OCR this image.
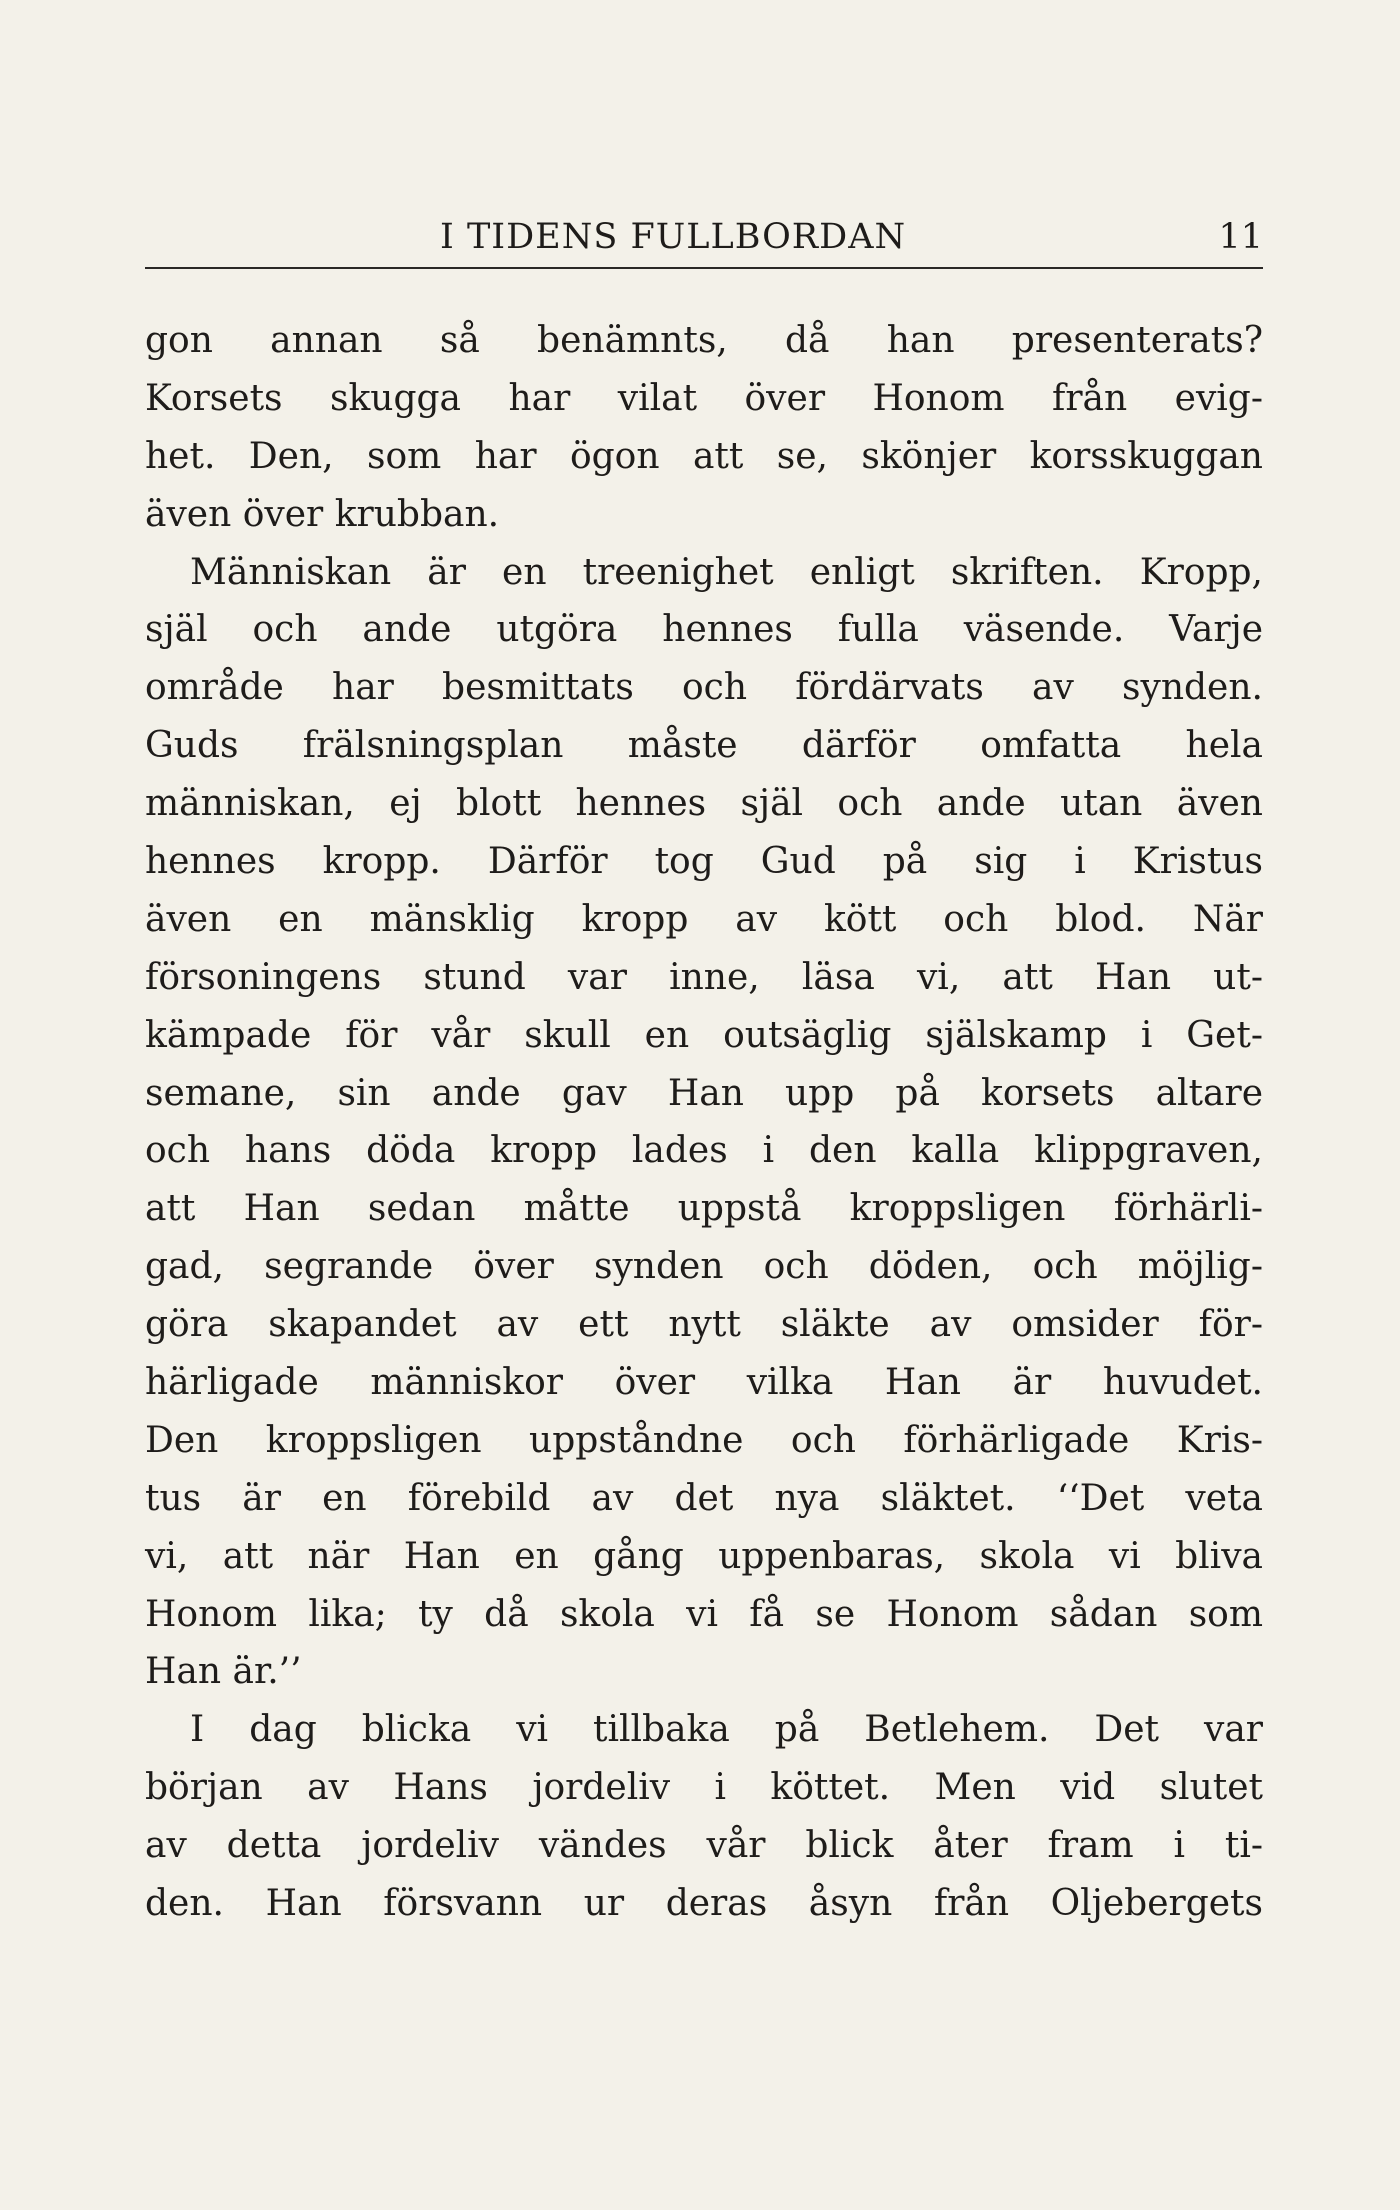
I TIDENS FULLBORDAN	11
gon annan så benämnts, då han presenterats?
Korsets skugga har vilat över Honom från evig-
het. Den, som har ögon att se, skönjer korsskuggan
även över krubban.
Människan är en treenighet enligt skriften. Kropp,
själ och ande utgöra hennes fulla väsende. Varje
område har besmittats och fördärvats av synden.
Guds frälsningsplan måste därför omfatta hela
människan, ej blott hennes själ och ande utan även
hennes kropp. Därför tog Gud på sig i Kristus
även en mänsklig kropp av kött och blod. När
försoningens stund var inne, läsa vi, att Han ut-
kämpade för vår skull en outsäglig själskamp i Get-
semane, sin ande gav Han upp på korsets altare
och hans döda kropp lades i den kalla klippgraven,
att Han sedan måtte uppstå kroppsligen förhärli-
gad, segrande över synden och döden, och möjlig-
göra skapandet av ett nytt släkte av omsider för-
härligade människor över vilka Han är huvudet.
Den kroppsligen uppståndne och förhärligade Kris-
tus är en förebild av det nya släktet. ‘‘Det veta
vi, att när Han en gång uppenbaras, skola vi bliva
Honom lika; ty då skola vi få se Honom sådan som
Han är.’’
I dag blicka vi tillbaka på Betlehem. Det var
början av Hans jordeliv i köttet. Men vid slutet
av detta jordeliv vändes vår blick åter fram i ti-
den. Han försvann ur deras åsyn från Oljebergets
